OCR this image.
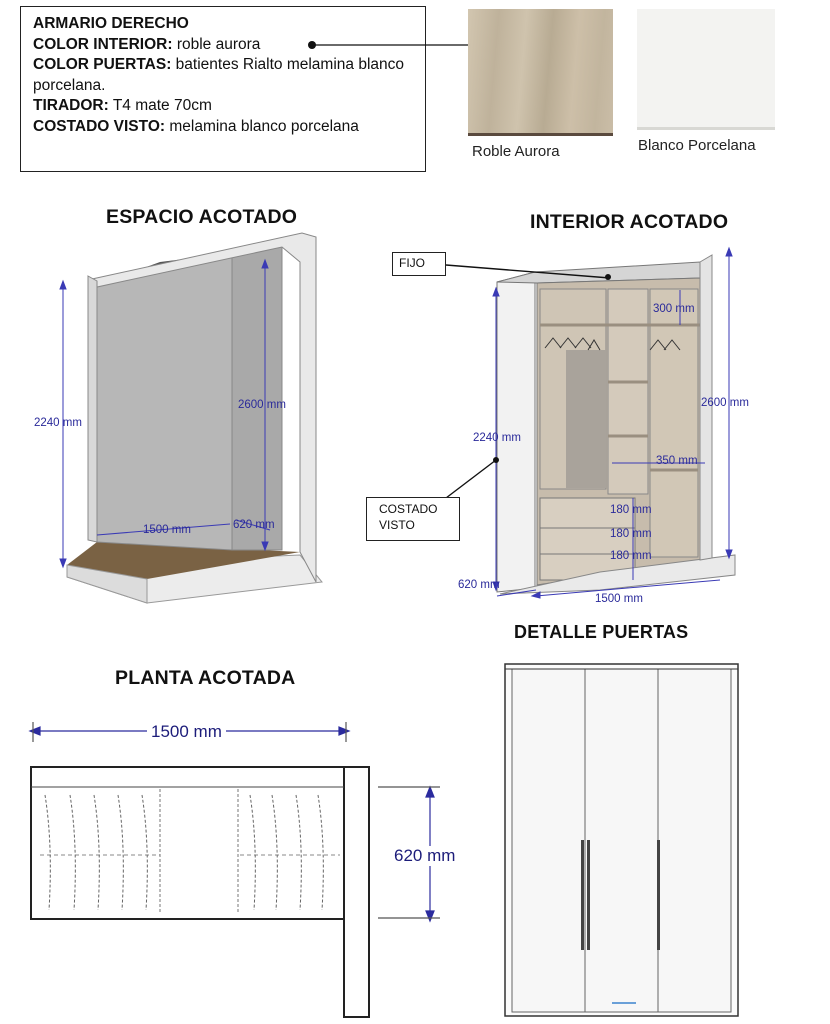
ARMARIO DERECHO
COLOR INTERIOR: roble aurora
COLOR PUERTAS: batientes Rialto melamina blanco porcelana.
TIRADOR: T4 mate 70cm
COSTADO VISTO: melamina blanco porcelana
Roble Aurora	Blanco Porcelana
ESPACIO ACOTADO	INTERIOR ACOTADO
DETALLE PUERTAS
PLANTA ACOTADA
2240 mm
2600 mm
1500 mm	620 mm
FIJO
COSTADO VISTO
300 mm
2600 mm
2240 mm
350 mm
180 mm
180 mm
180 mm
620 mm
1500 mm
1500 mm
620 mm
